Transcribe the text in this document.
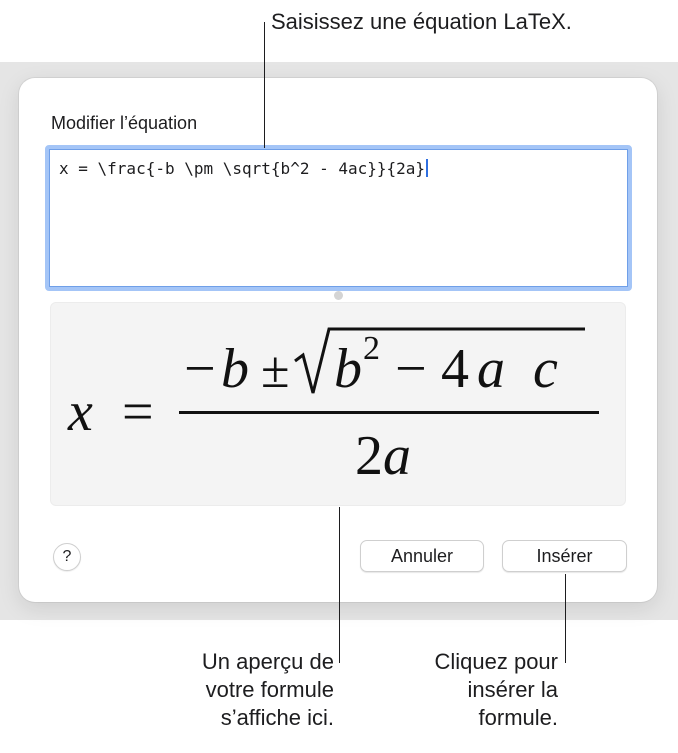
Modifier l’équation
x = \frac{-b \pm \sqrt{b^2 - 4ac}}{2a}
x =
− b ± b 2 − 4 a c
2 a
?	Annuler	Insérer
Saisissez une équation LaTeX.
Un aperçu de
votre formule
s’affiche ici.
Cliquez pour
insérer la
formule.
